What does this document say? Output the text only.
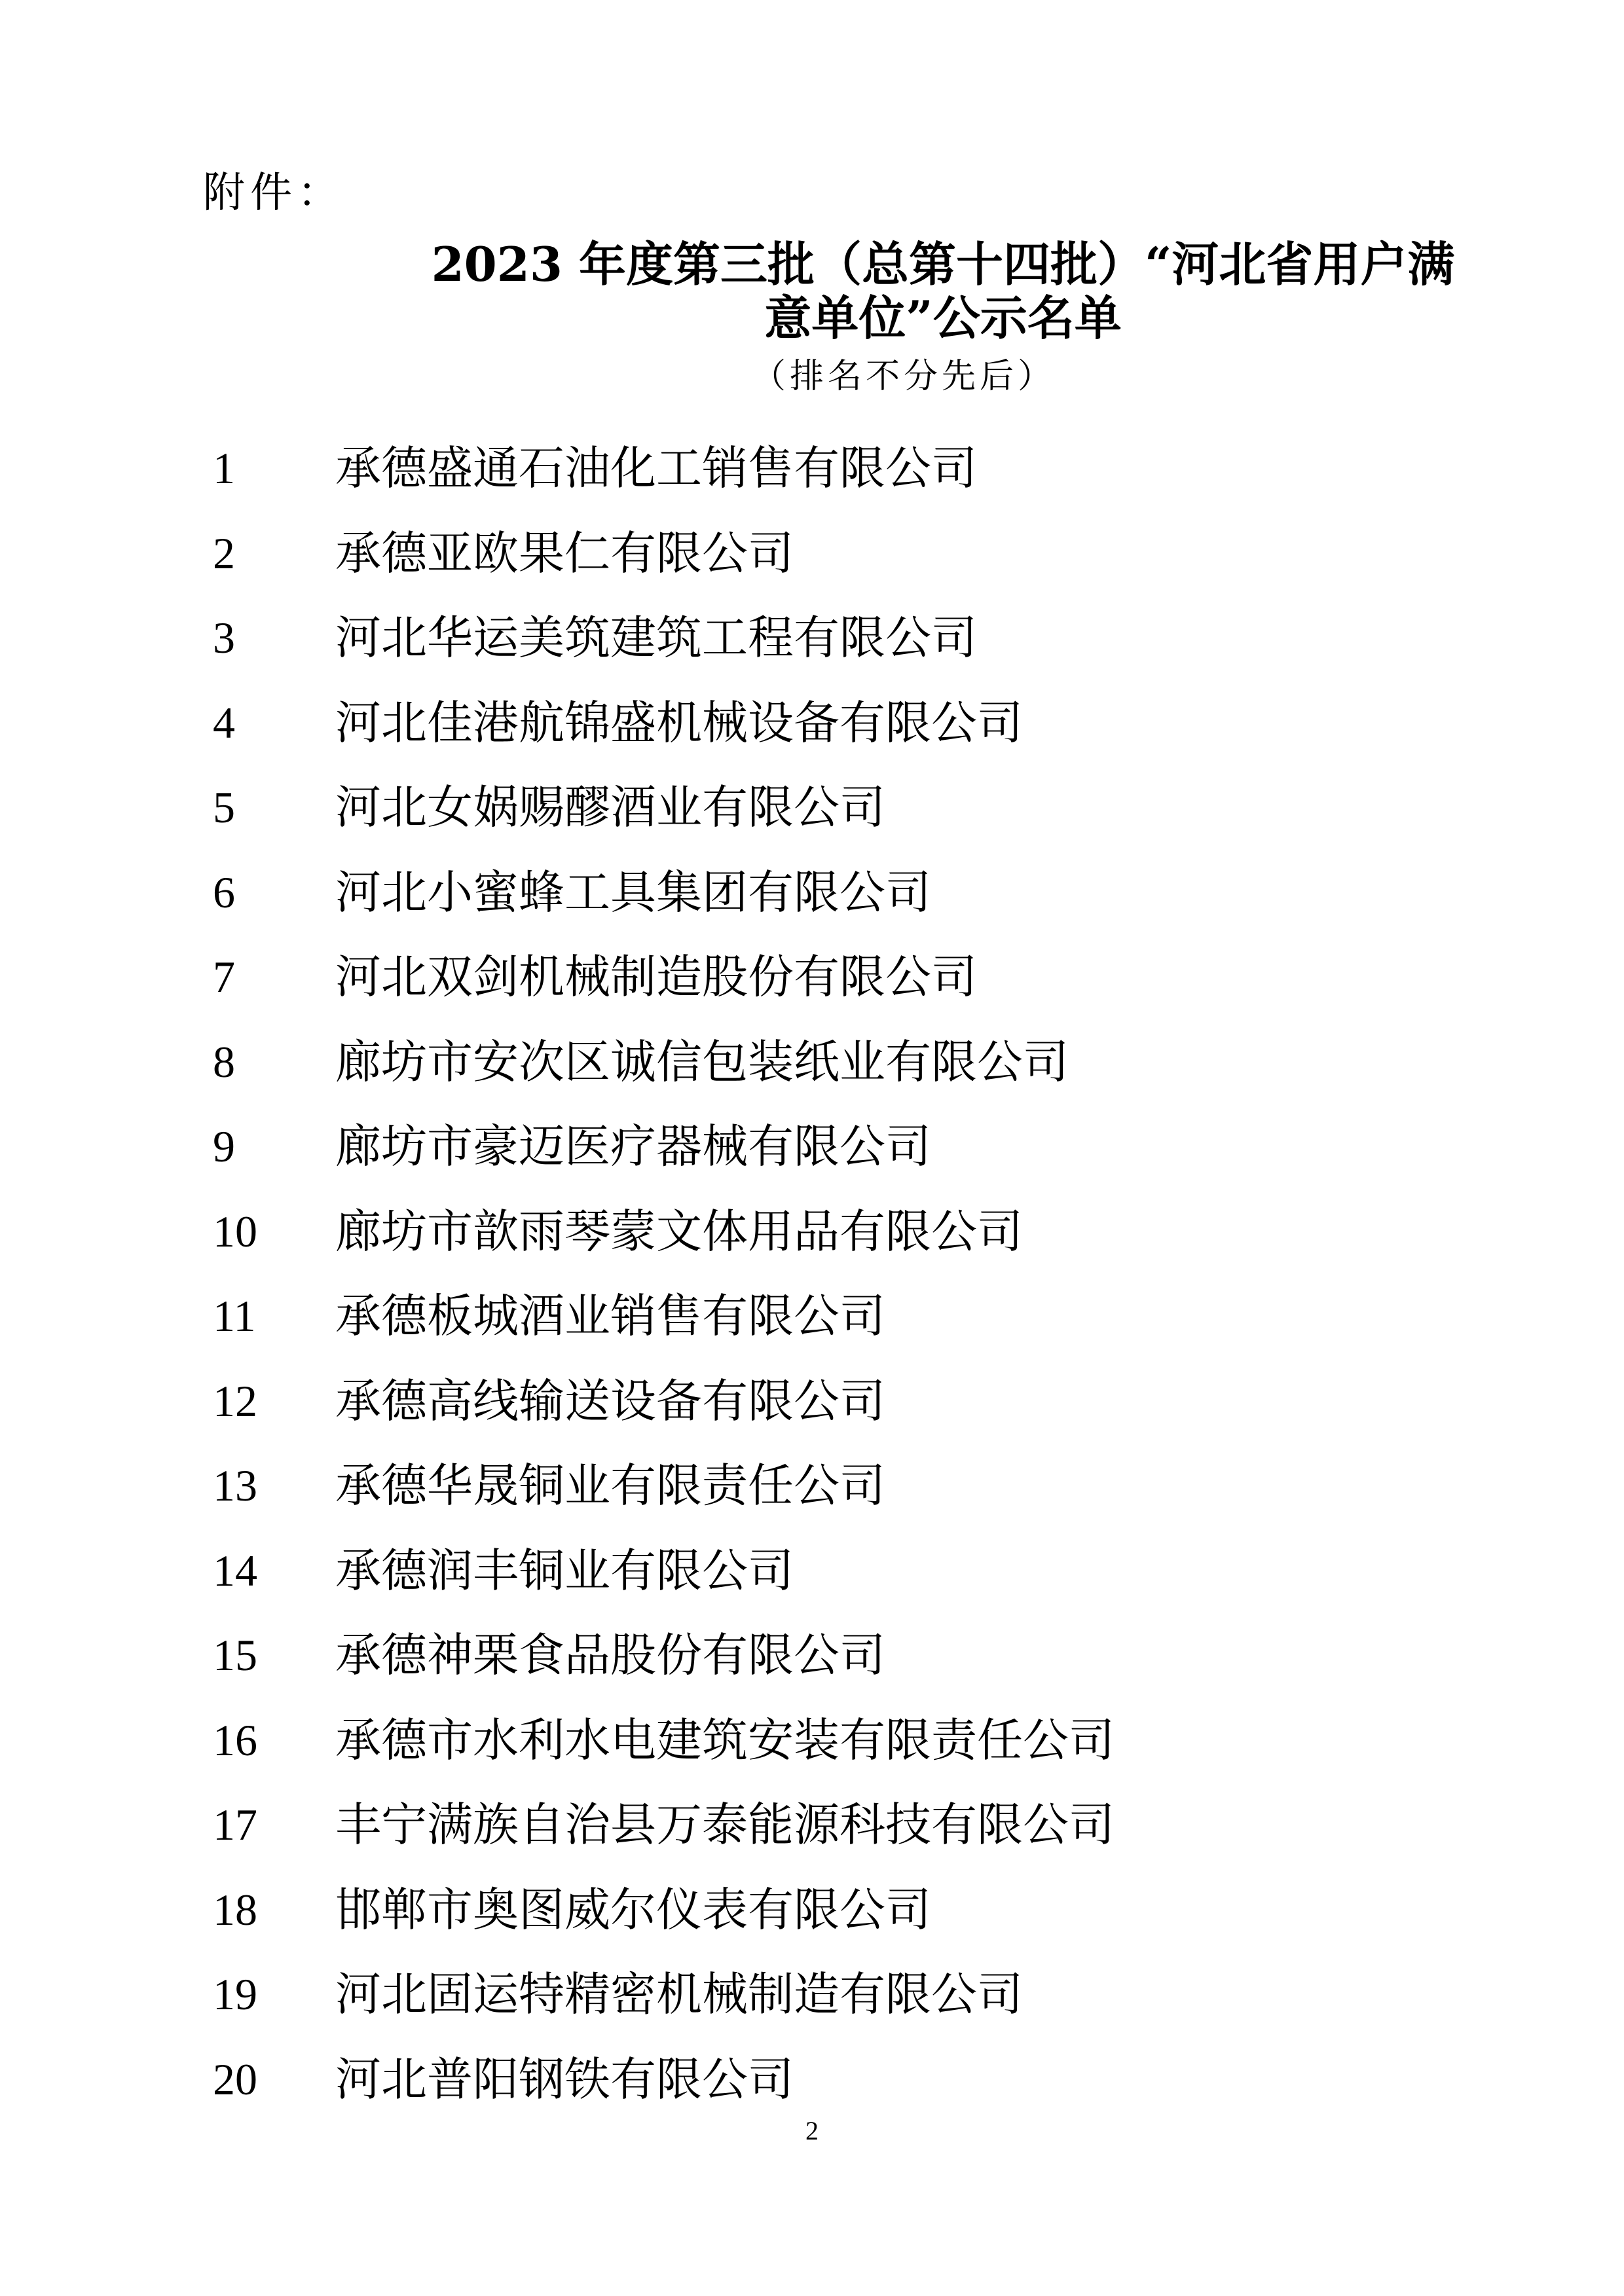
附件：
2023 年度第三批（总第十四批）“河北省用户满
意单位”公示名单
（排名不分先后）
1 承德盛通石油化工销售有限公司
2 承德亚欧果仁有限公司
3 河北华运美筑建筑工程有限公司
4 河北佳港航锦盛机械设备有限公司
5 河北女娲赐醪酒业有限公司
6 河北小蜜蜂工具集团有限公司
7 河北双剑机械制造股份有限公司
8 廊坊市安次区诚信包装纸业有限公司
9 廊坊市豪迈医疗器械有限公司
10 廊坊市歆雨琴蒙文体用品有限公司
11 承德板城酒业销售有限公司
12 承德高线输送设备有限公司
13 承德华晟铜业有限责任公司
14 承德润丰铜业有限公司
15 承德神栗食品股份有限公司
16 承德市水利水电建筑安装有限责任公司
17 丰宁满族自治县万泰能源科技有限公司
18 邯郸市奥图威尔仪表有限公司
19 河北固运特精密机械制造有限公司
20 河北普阳钢铁有限公司
2
